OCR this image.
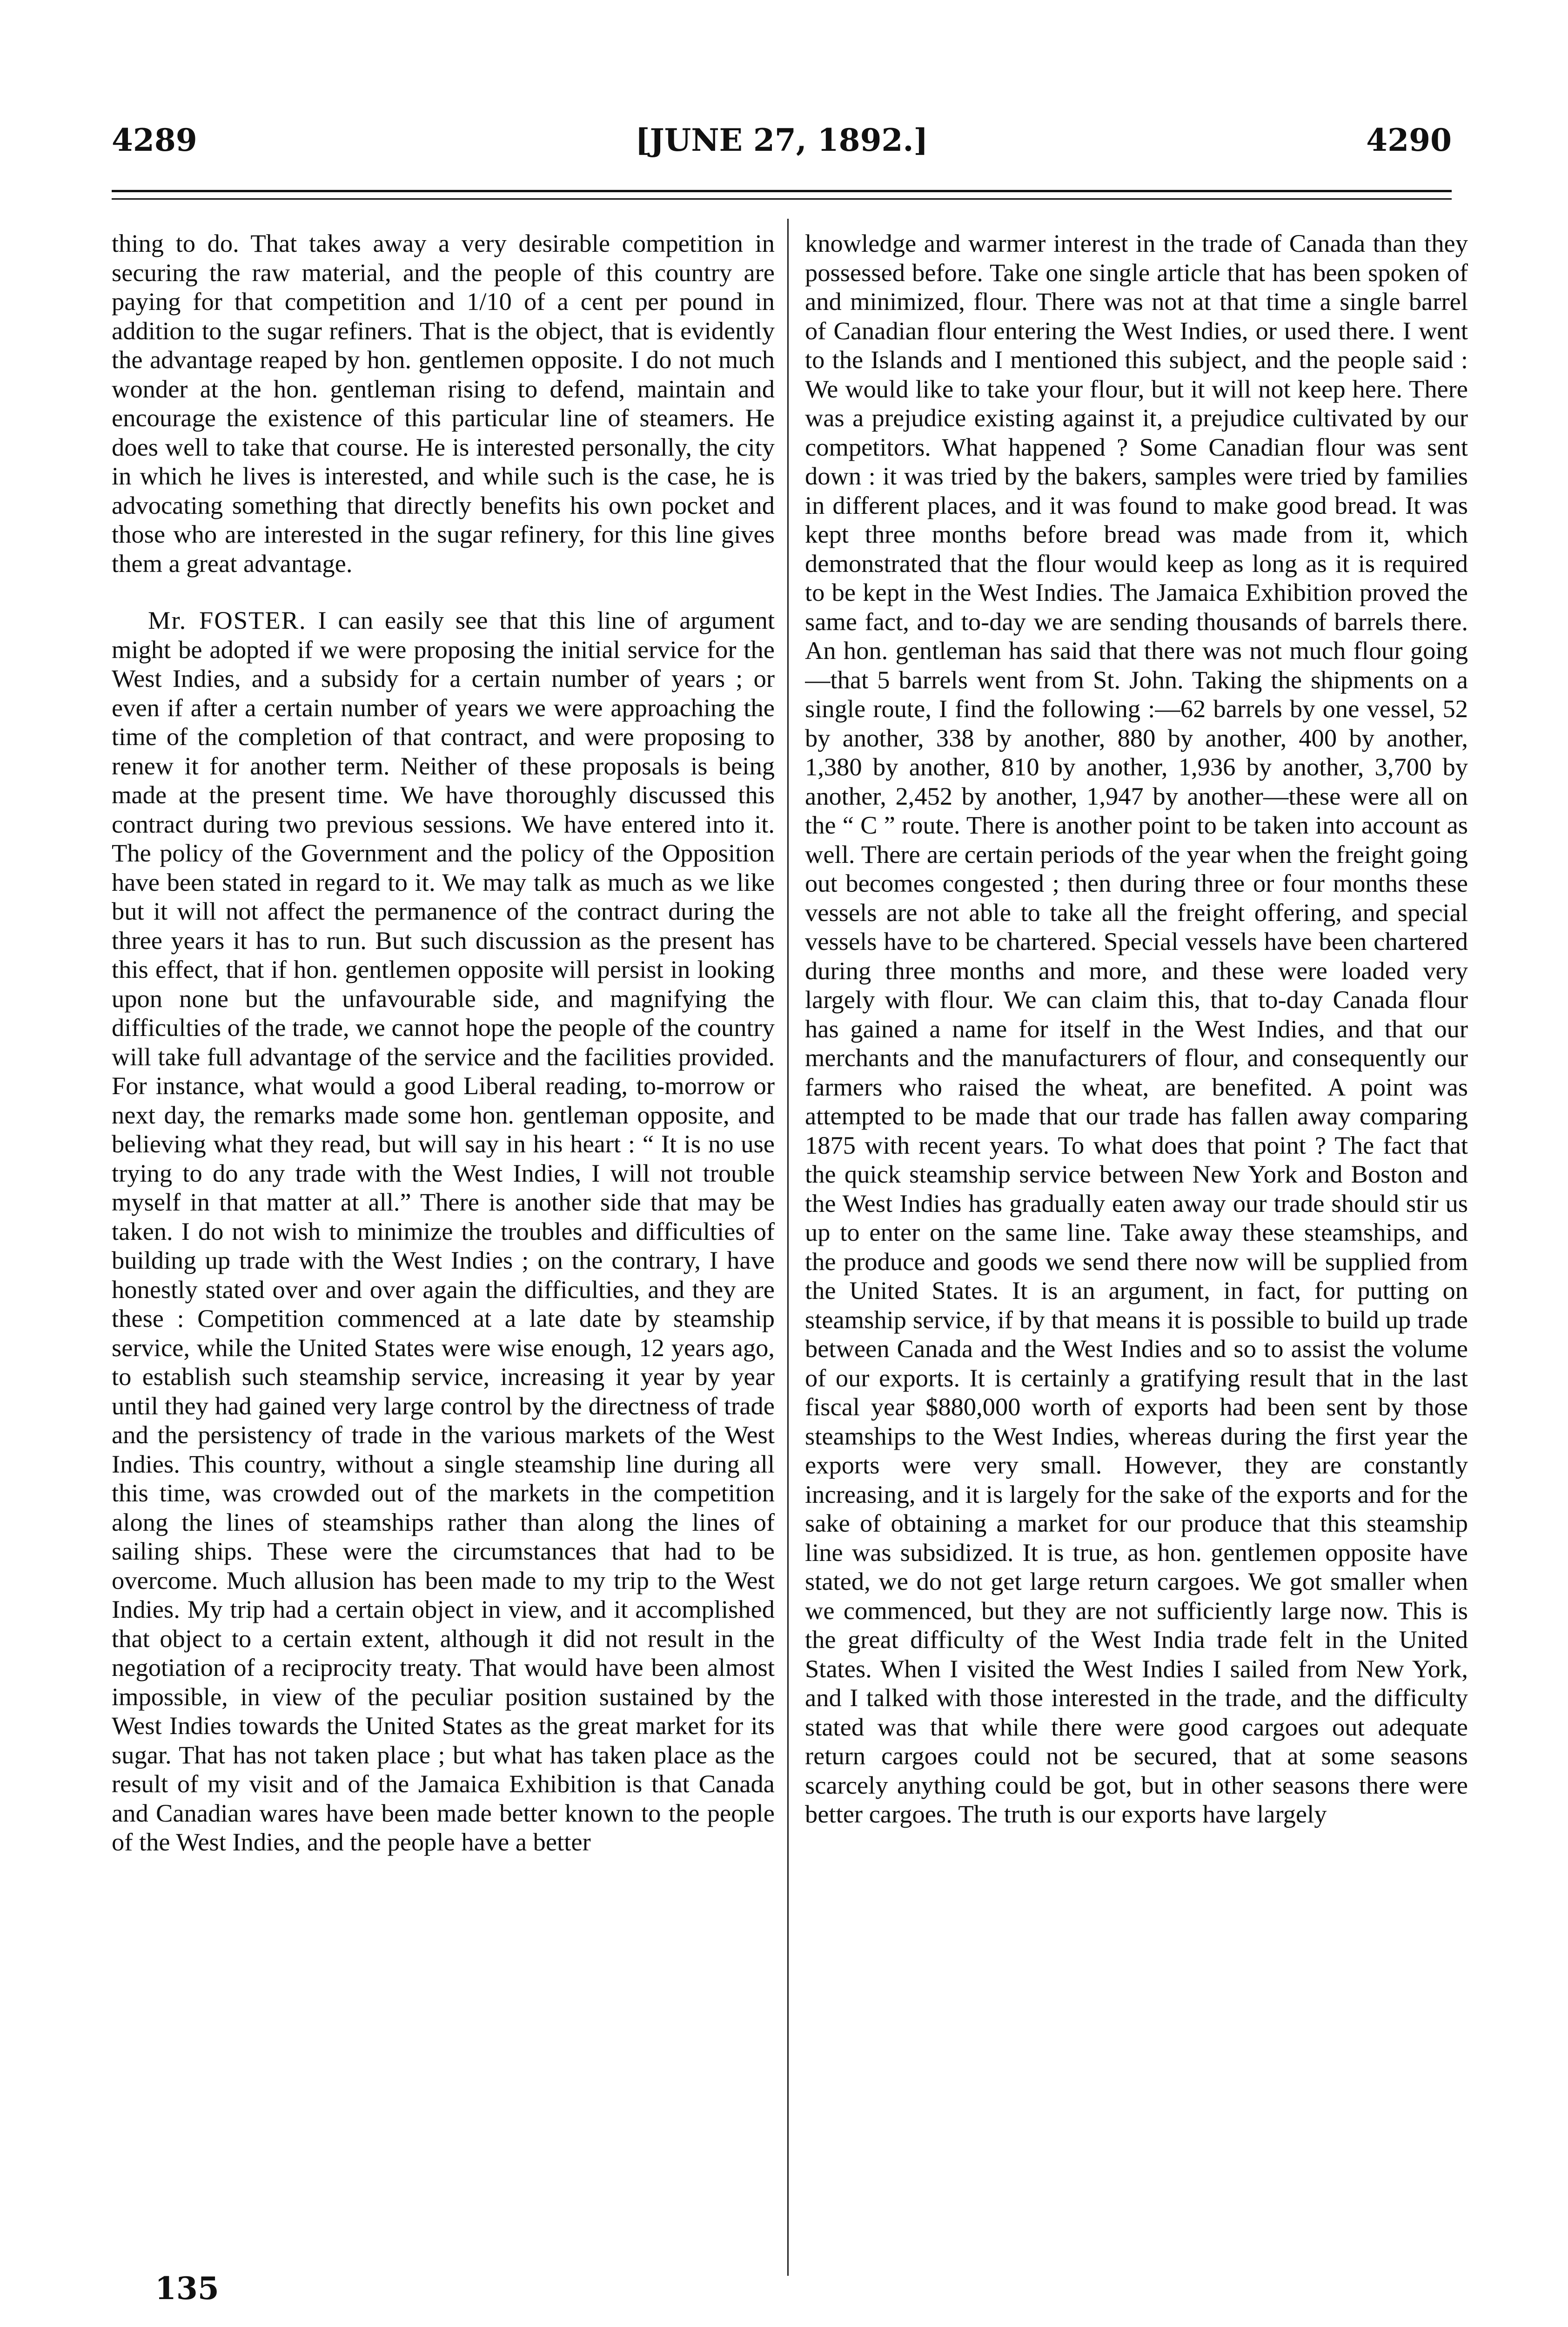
4289	[JUNE 27, 1892.]	4290

thing to do. That takes away a very desirable competition in securing the raw material, and the people of this country are paying for that competition and 1/10 of a cent per pound in addition to the sugar refiners. That is the object, that is evidently the advantage reaped by hon. gentlemen opposite. I do not much wonder at the hon. gentleman rising to defend, maintain and encourage the existence of this particular line of steamers. He does well to take that course. He is interested personally, the city in which he lives is interested, and while such is the case, he is advocating something that directly benefits his own pocket and those who are interested in the sugar refinery, for this line gives them a great advantage.

Mr. FOSTER. I can easily see that this line of argument might be adopted if we were proposing the initial service for the West Indies, and a subsidy for a certain number of years ; or even if after a certain number of years we were approaching the time of the completion of that contract, and were proposing to renew it for another term. Neither of these proposals is being made at the present time. We have thoroughly discussed this contract during two previous sessions. We have entered into it. The policy of the Government and the policy of the Opposition have been stated in regard to it. We may talk as much as we like but it will not affect the permanence of the contract during the three years it has to run. But such discussion as the present has this effect, that if hon. gentlemen opposite will persist in looking upon none but the unfavourable side, and magnifying the difficulties of the trade, we cannot hope the people of the country will take full advantage of the service and the facilities provided. For instance, what would a good Liberal reading, to-morrow or next day, the remarks made some hon. gentleman opposite, and believing what they read, but will say in his heart : “ It is no use trying to do any trade with the West Indies, I will not trouble myself in that matter at all.” There is another side that may be taken. I do not wish to minimize the troubles and difficulties of building up trade with the West Indies ; on the contrary, I have honestly stated over and over again the difficulties, and they are these : Competition commenced at a late date by steamship service, while the United States were wise enough, 12 years ago, to establish such steamship service, increasing it year by year until they had gained very large control by the directness of trade and the persistency of trade in the various markets of the West Indies. This country, without a single steamship line during all this time, was crowded out of the markets in the competition along the lines of steamships rather than along the lines of sailing ships. These were the circumstances that had to be overcome. Much allusion has been made to my trip to the West Indies. My trip had a certain object in view, and it accomplished that object to a certain extent, although it did not result in the negotiation of a reciprocity treaty. That would have been almost impossible, in view of the peculiar position sustained by the West Indies towards the United States as the great market for its sugar. That has not taken place ; but what has taken place as the result of my visit and of the Jamaica Exhibition is that Canada and Canadian wares have been made better known to the people of the West Indies, and the people have a better

knowledge and warmer interest in the trade of Canada than they possessed before. Take one single article that has been spoken of and minimized, flour. There was not at that time a single barrel of Canadian flour entering the West Indies, or used there. I went to the Islands and I mentioned this subject, and the people said : We would like to take your flour, but it will not keep here. There was a prejudice existing against it, a prejudice cultivated by our competitors. What happened ? Some Canadian flour was sent down : it was tried by the bakers, samples were tried by families in different places, and it was found to make good bread. It was kept three months before bread was made from it, which demonstrated that the flour would keep as long as it is required to be kept in the West Indies. The Jamaica Exhibition proved the same fact, and to-day we are sending thousands of barrels there. An hon. gentleman has said that there was not much flour going—that 5 barrels went from St. John. Taking the shipments on a single route, I find the following :—62 barrels by one vessel, 52 by another, 338 by another, 880 by another, 400 by another, 1,380 by another, 810 by another, 1,936 by another, 3,700 by another, 2,452 by another, 1,947 by another—these were all on the “ C ” route. There is another point to be taken into account as well. There are certain periods of the year when the freight going out becomes congested ; then during three or four months these vessels are not able to take all the freight offering, and special vessels have to be chartered. Special vessels have been chartered during three months and more, and these were loaded very largely with flour. We can claim this, that to-day Canada flour has gained a name for itself in the West Indies, and that our merchants and the manufacturers of flour, and consequently our farmers who raised the wheat, are benefited. A point was attempted to be made that our trade has fallen away comparing 1875 with recent years. To what does that point ? The fact that the quick steamship service between New York and Boston and the West Indies has gradually eaten away our trade should stir us up to enter on the same line. Take away these steamships, and the produce and goods we send there now will be supplied from the United States. It is an argument, in fact, for putting on steamship service, if by that means it is possible to build up trade between Canada and the West Indies and so to assist the volume of our exports. It is certainly a gratifying result that in the last fiscal year $880,000 worth of exports had been sent by those steamships to the West Indies, whereas during the first year the exports were very small. However, they are constantly increasing, and it is largely for the sake of the exports and for the sake of obtaining a market for our produce that this steamship line was subsidized. It is true, as hon. gentlemen opposite have stated, we do not get large return cargoes. We got smaller when we commenced, but they are not sufficiently large now. This is the great difficulty of the West India trade felt in the United States. When I visited the West Indies I sailed from New York, and I talked with those interested in the trade, and the difficulty stated was that while there were good cargoes out adequate return cargoes could not be secured, that at some seasons scarcely anything could be got, but in other seasons there were better cargoes. The truth is our exports have largely

135
